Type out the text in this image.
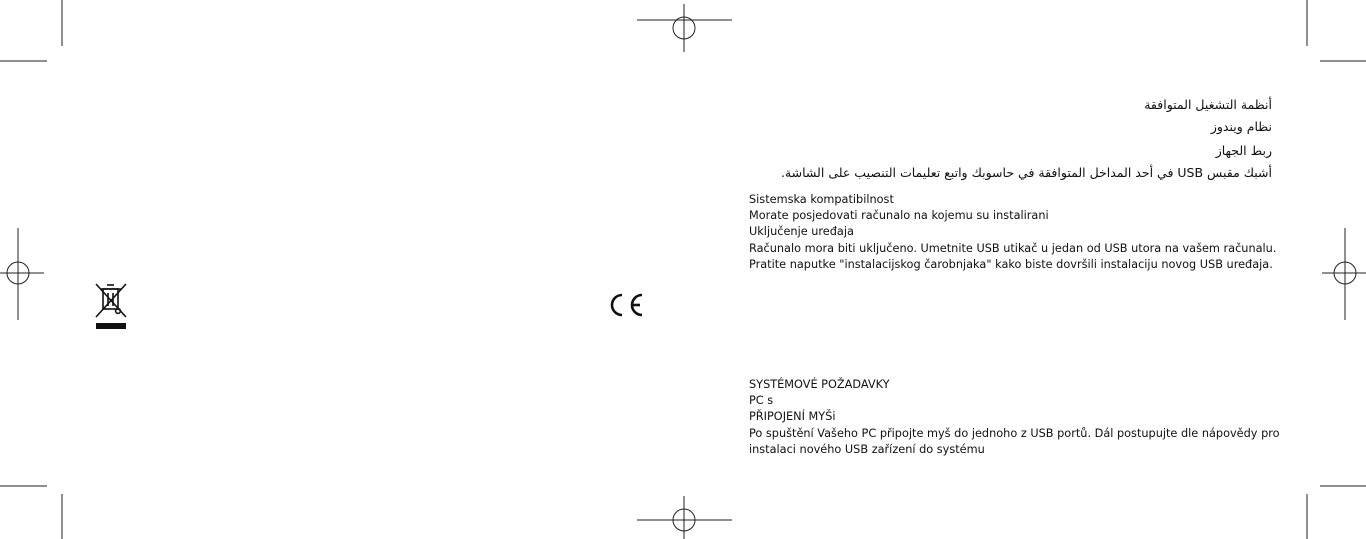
أنظمة التشغيل المتوافقة
نظام ويندوز
ربط الجهاز
أشبك مقبس USB في أحد المداخل المتوافقة في حاسوبك واتبع تعليمات التنصيب على الشاشة.
Sistemska kompatibilnost
Morate posjedovati računalo na kojemu su instalirani
Uključenje uređaja
Računalo mora biti uključeno. Umetnite USB utikač u jedan od USB utora na vašem računalu.
Pratite naputke "instalacijskog čarobnjaka" kako biste dovršili instalaciju novog USB uređaja.
SYSTÉMOVÉ POŽADAVKY
PC s
PŘIPOJENÍ MYŠi
Po spuštění Vašeho PC připojte myš do jednoho z USB portů. Dál postupujte dle nápovědy pro
instalaci nového USB zařízení do systému
